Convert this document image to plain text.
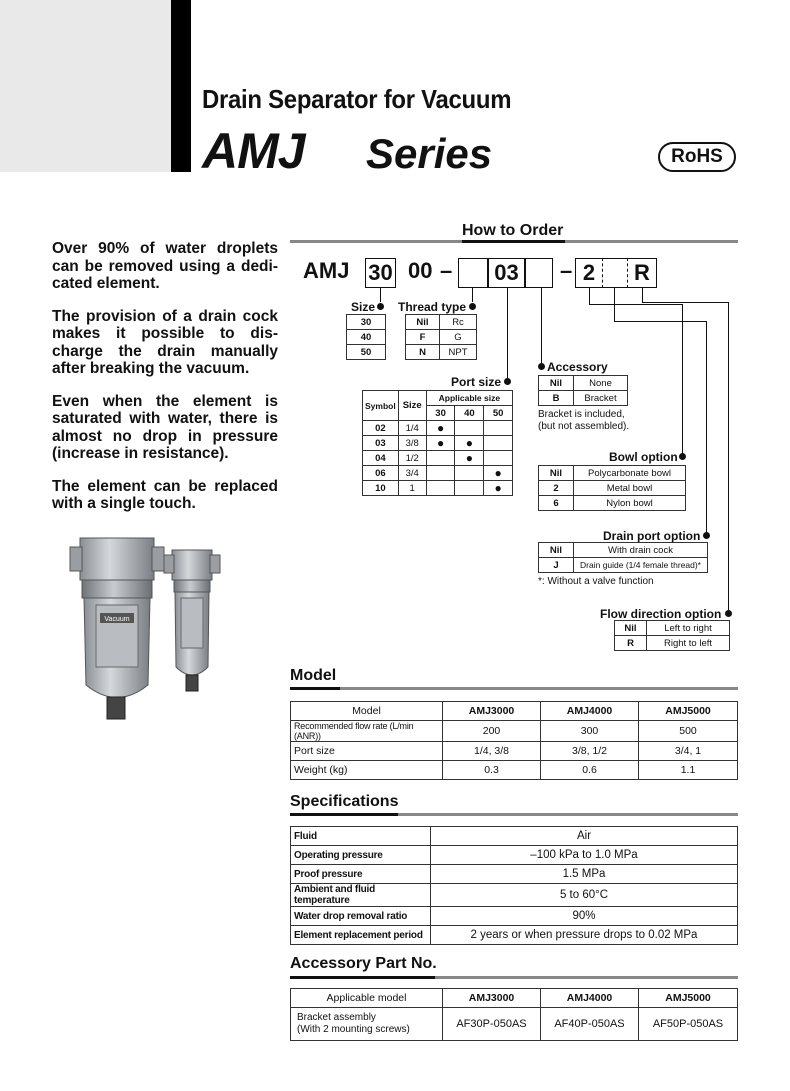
Drain Separator for Vacuum
AMJ Series	RoHS

Over 90% of water droplets can be removed using a dedi-cated element.

The provision of a drain cock makes it possible to dis-charge the drain manually after breaking the vacuum.

Even when the element is saturated with water, there is almost no drop in pressure (increase in resistance).

The element can be replaced with a single touch.

Vacuum
How to Order
AMJ 30 00 – 03 – 2	R
Size
30
40
50
Thread type
Nil	Rc
F	G
N	NPT
Port size
Symbol	Size	Applicable size		
		30	40	50
02	1/4	●		
03	3/8	●	●	
04	1/2		●	
06	3/4			●
10	1			●
Accessory
Nil	None
B	Bracket
Bracket is included, (but not assembled).
Bowl option
Nil	Polycarbonate bowl
2	Metal bowl
6	Nylon bowl
Drain port option
Nil	With drain cock
J	Drain guide (1/4 female thread)*
*: Without a valve function
Flow direction option
Nil	Left to right
R	Right to left
Model
Model	AMJ3000	AMJ4000	AMJ5000
Recommended flow rate (L/min (ANR))	200	300	500
Port size	1/4, 3/8	3/8, 1/2	3/4, 1
Weight (kg)	0.3	0.6	1.1
Specifications
Fluid	Air
Operating pressure	–100 kPa to 1.0 MPa
Proof pressure	1.5 MPa
Ambient and fluid temperature	5 to 60°C
Water drop removal ratio	90%
Element replacement period	2 years or when pressure drops to 0.02 MPa
Accessory Part No.
Applicable model	AMJ3000	AMJ4000	AMJ5000

Bracket assembly
(With 2 mounting screws)	AF30P-050AS	AF40P-050AS	AF50P-050AS
